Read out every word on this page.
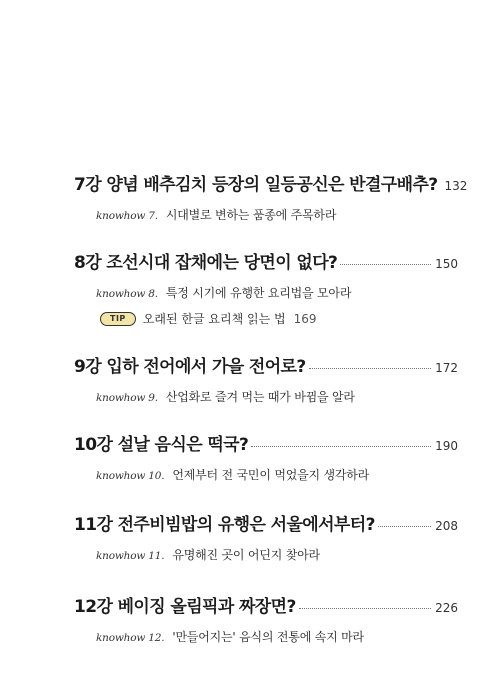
7강 양념 배추김치 등장의 일등공신은 반결구배추? 132
knowhow 7. 시대별로 변하는 품종에 주목하라
8강 조선시대 잡채에는 당면이 없다?	150
knowhow 8. 특정 시기에 유행한 요리법을 모아라
TIP	오래된 한글 요리책 읽는 법 169
9강 입하 전어에서 가을 전어로?	172
knowhow 9. 산업화로 즐겨 먹는 때가 바뀜을 알라
10강 설날 음식은 떡국?	190
knowhow 10. 언제부터 전 국민이 먹었을지 생각하라
11강 전주비빔밥의 유행은 서울에서부터?	208
knowhow 11. 유명해진 곳이 어딘지 찾아라
12강 베이징 올림픽과 짜장면?	226
knowhow 12. '만들어지는' 음식의 전통에 속지 마라
